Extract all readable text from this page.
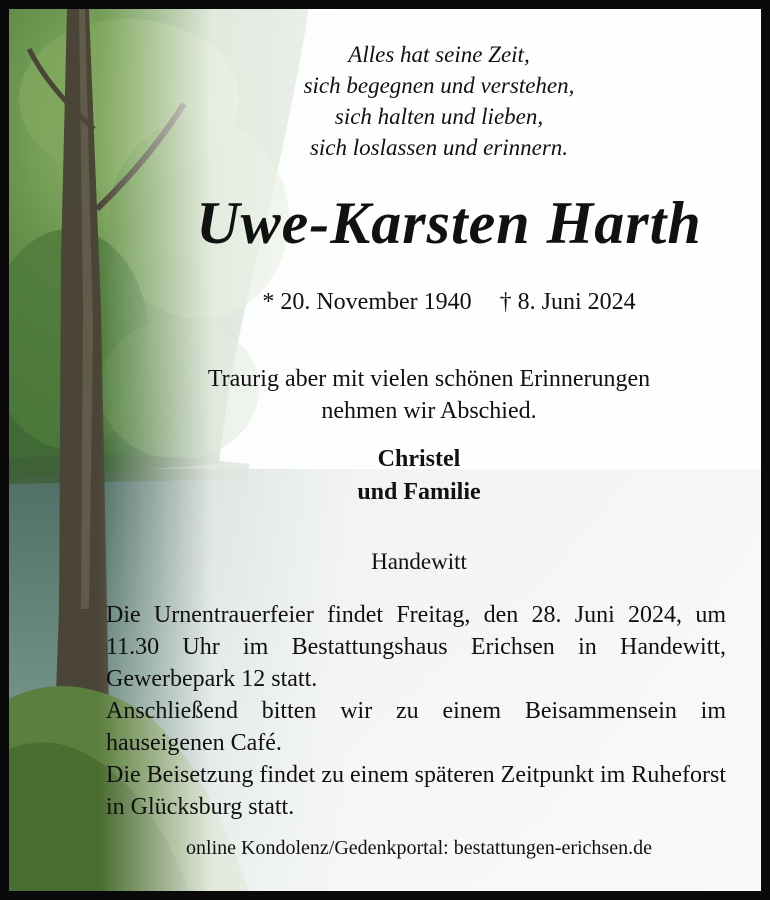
Alles hat seine Zeit,
sich begegnen und verstehen,
sich halten und lieben,
sich loslassen und erinnern.
Uwe-Karsten Harth
* 20. November 1940 † 8. Juni 2024
Traurig aber mit vielen schönen Erinnerungen
nehmen wir Abschied.
Christel
und Familie
Handewitt

Die Urnentrauerfeier findet Freitag, den 28. Juni 2024, um 11.30 Uhr im Bestattungshaus Erichsen in Handewitt, Gewerbepark 12 statt.

Anschließend bitten wir zu einem Beisammensein im hauseigenen Café.

Die Beisetzung findet zu einem späteren Zeitpunkt im Ruheforst in Glücksburg statt.

online Kondolenz/Gedenkportal: bestattungen-erichsen.de
